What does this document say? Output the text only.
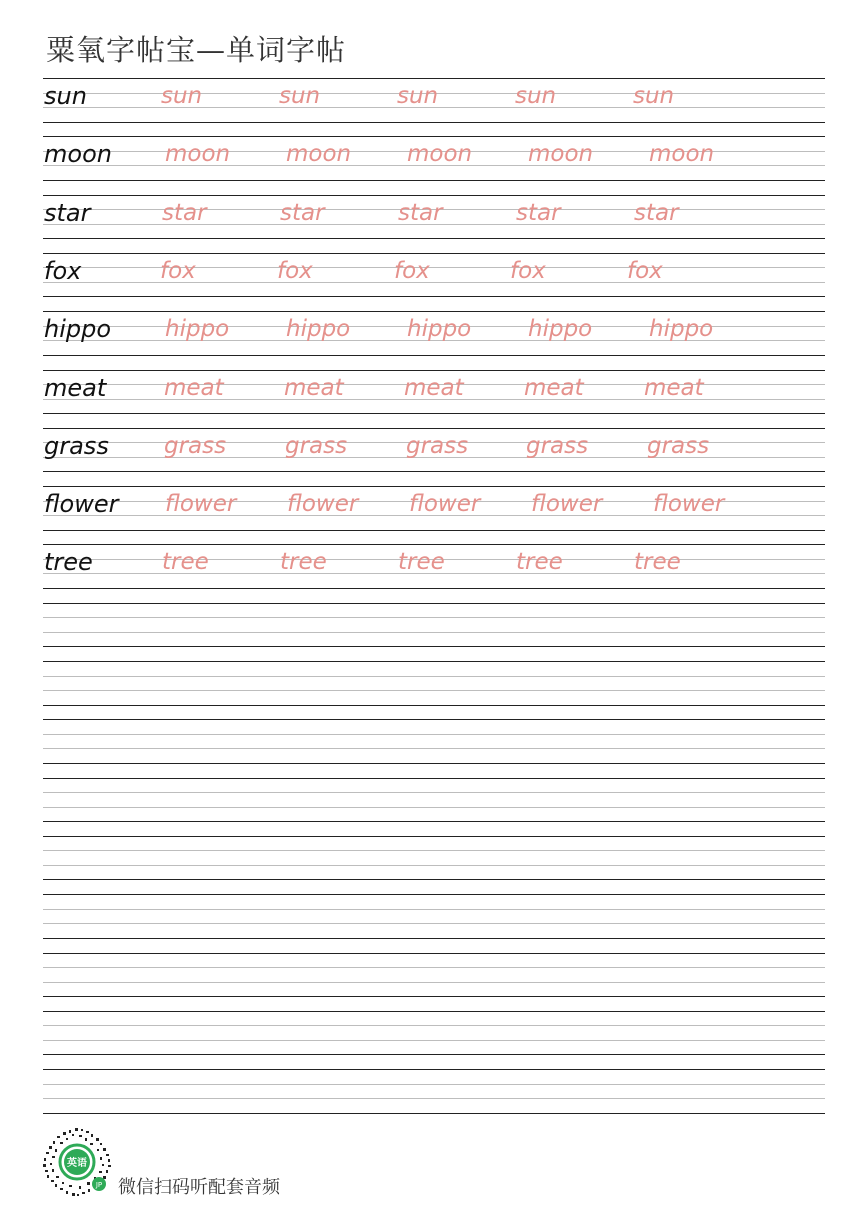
粟氧字帖宝—单词字帖
sun	sun	sun	sun	sun	sun
moon moon moon moon moon moon
star	star	star	star	star	star
fox	fox	fox	fox	fox	fox
hippo hippo hippo hippo hippo hippo
meat	meat	meat	meat	meat	meat
grass grass	grass	grass	grass	grass
flower flower flower flower flower flower
tree	tree	tree	tree	tree	tree
英语
JP 微信扫码听配套音频
